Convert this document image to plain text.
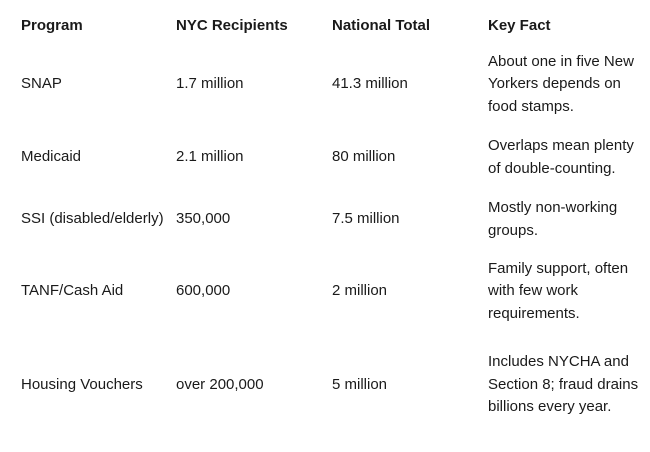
Program	NYC Recipients	National Total	Key Fact
SNAP	1.7 million	41.3 million	About one in five New Yorkers depends on food stamps.
Medicaid	2.1 million	80 million	Overlaps mean plenty of double-counting.
SSI (disabled/elderly)	350,000	7.5 million	Mostly non-working groups.
TANF/Cash Aid	600,000	2 million	Family support, often with few work requirements.
Housing Vouchers	over 200,000	5 million	Includes NYCHA and Section 8; fraud drains billions every year.
